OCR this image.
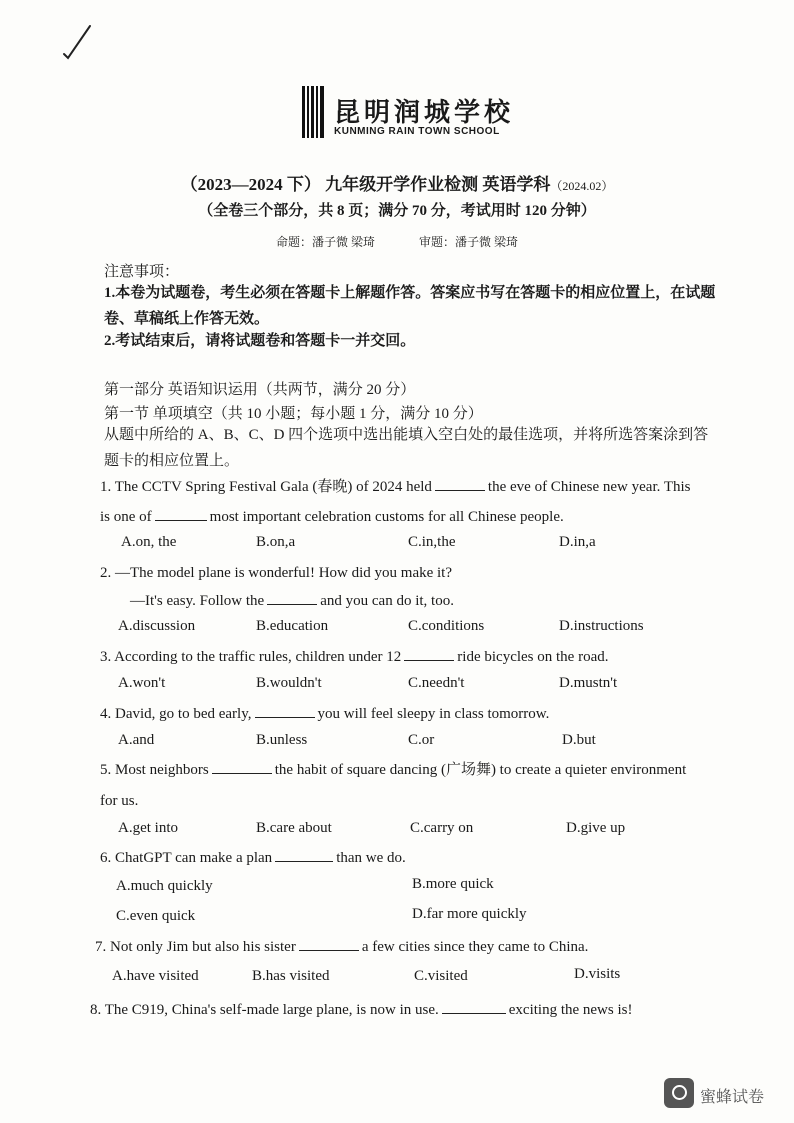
昆明润城学校
KUNMING RAIN TOWN SCHOOL
（2023—2024 下） 九年级开学作业检测 英语学科（2024.02）
（全卷三个部分，共 8 页；满分 70 分，考试用时 120 分钟）
命题：潘子微 梁琦	审题：潘子微 梁琦
注意事项：
1.本卷为试题卷，考生必须在答题卡上解题作答。答案应书写在答题卡的相应位置上，在试题卷、草稿纸上作答无效。
2.考试结束后，请将试题卷和答题卡一并交回。
第一部分 英语知识运用（共两节，满分 20 分）
第一节 单项填空（共 10 小题；每小题 1 分，满分 10 分）
从题中所给的 A、B、C、D 四个选项中选出能填入空白处的最佳选项，并将所选答案涂到答题卡的相应位置上。
1. The CCTV Spring Festival Gala (春晚) of 2024 held	the eve of Chinese new year. This
is one of	most important celebration customs for all Chinese people.
A.on, the	B.on,a	C.in,the	D.in,a
2. —The model plane is wonderful! How did you make it?
—It's easy. Follow the	and you can do it, too.
A.discussion	B.education	C.conditions	D.instructions
3. According to the traffic rules, children under 12	ride bicycles on the road.
A.won't	B.wouldn't	C.needn't	D.mustn't
4. David, go to bed early,	you will feel sleepy in class tomorrow.
A.and	B.unless	C.or	D.but
5. Most neighbors	the habit of square dancing (广场舞) to create a quieter environment
for us.
A.get into	B.care about	C.carry on	D.give up
6. ChatGPT can make a plan	than we do.
A.much quickly	B.more quick
C.even quick	D.far more quickly
7. Not only Jim but also his sister	a few cities since they came to China.
A.have visited	B.has visited	C.visited	D.visits
8. The C919, China's self-made large plane, is now in use.	exciting the news is!
蜜蜂试卷
